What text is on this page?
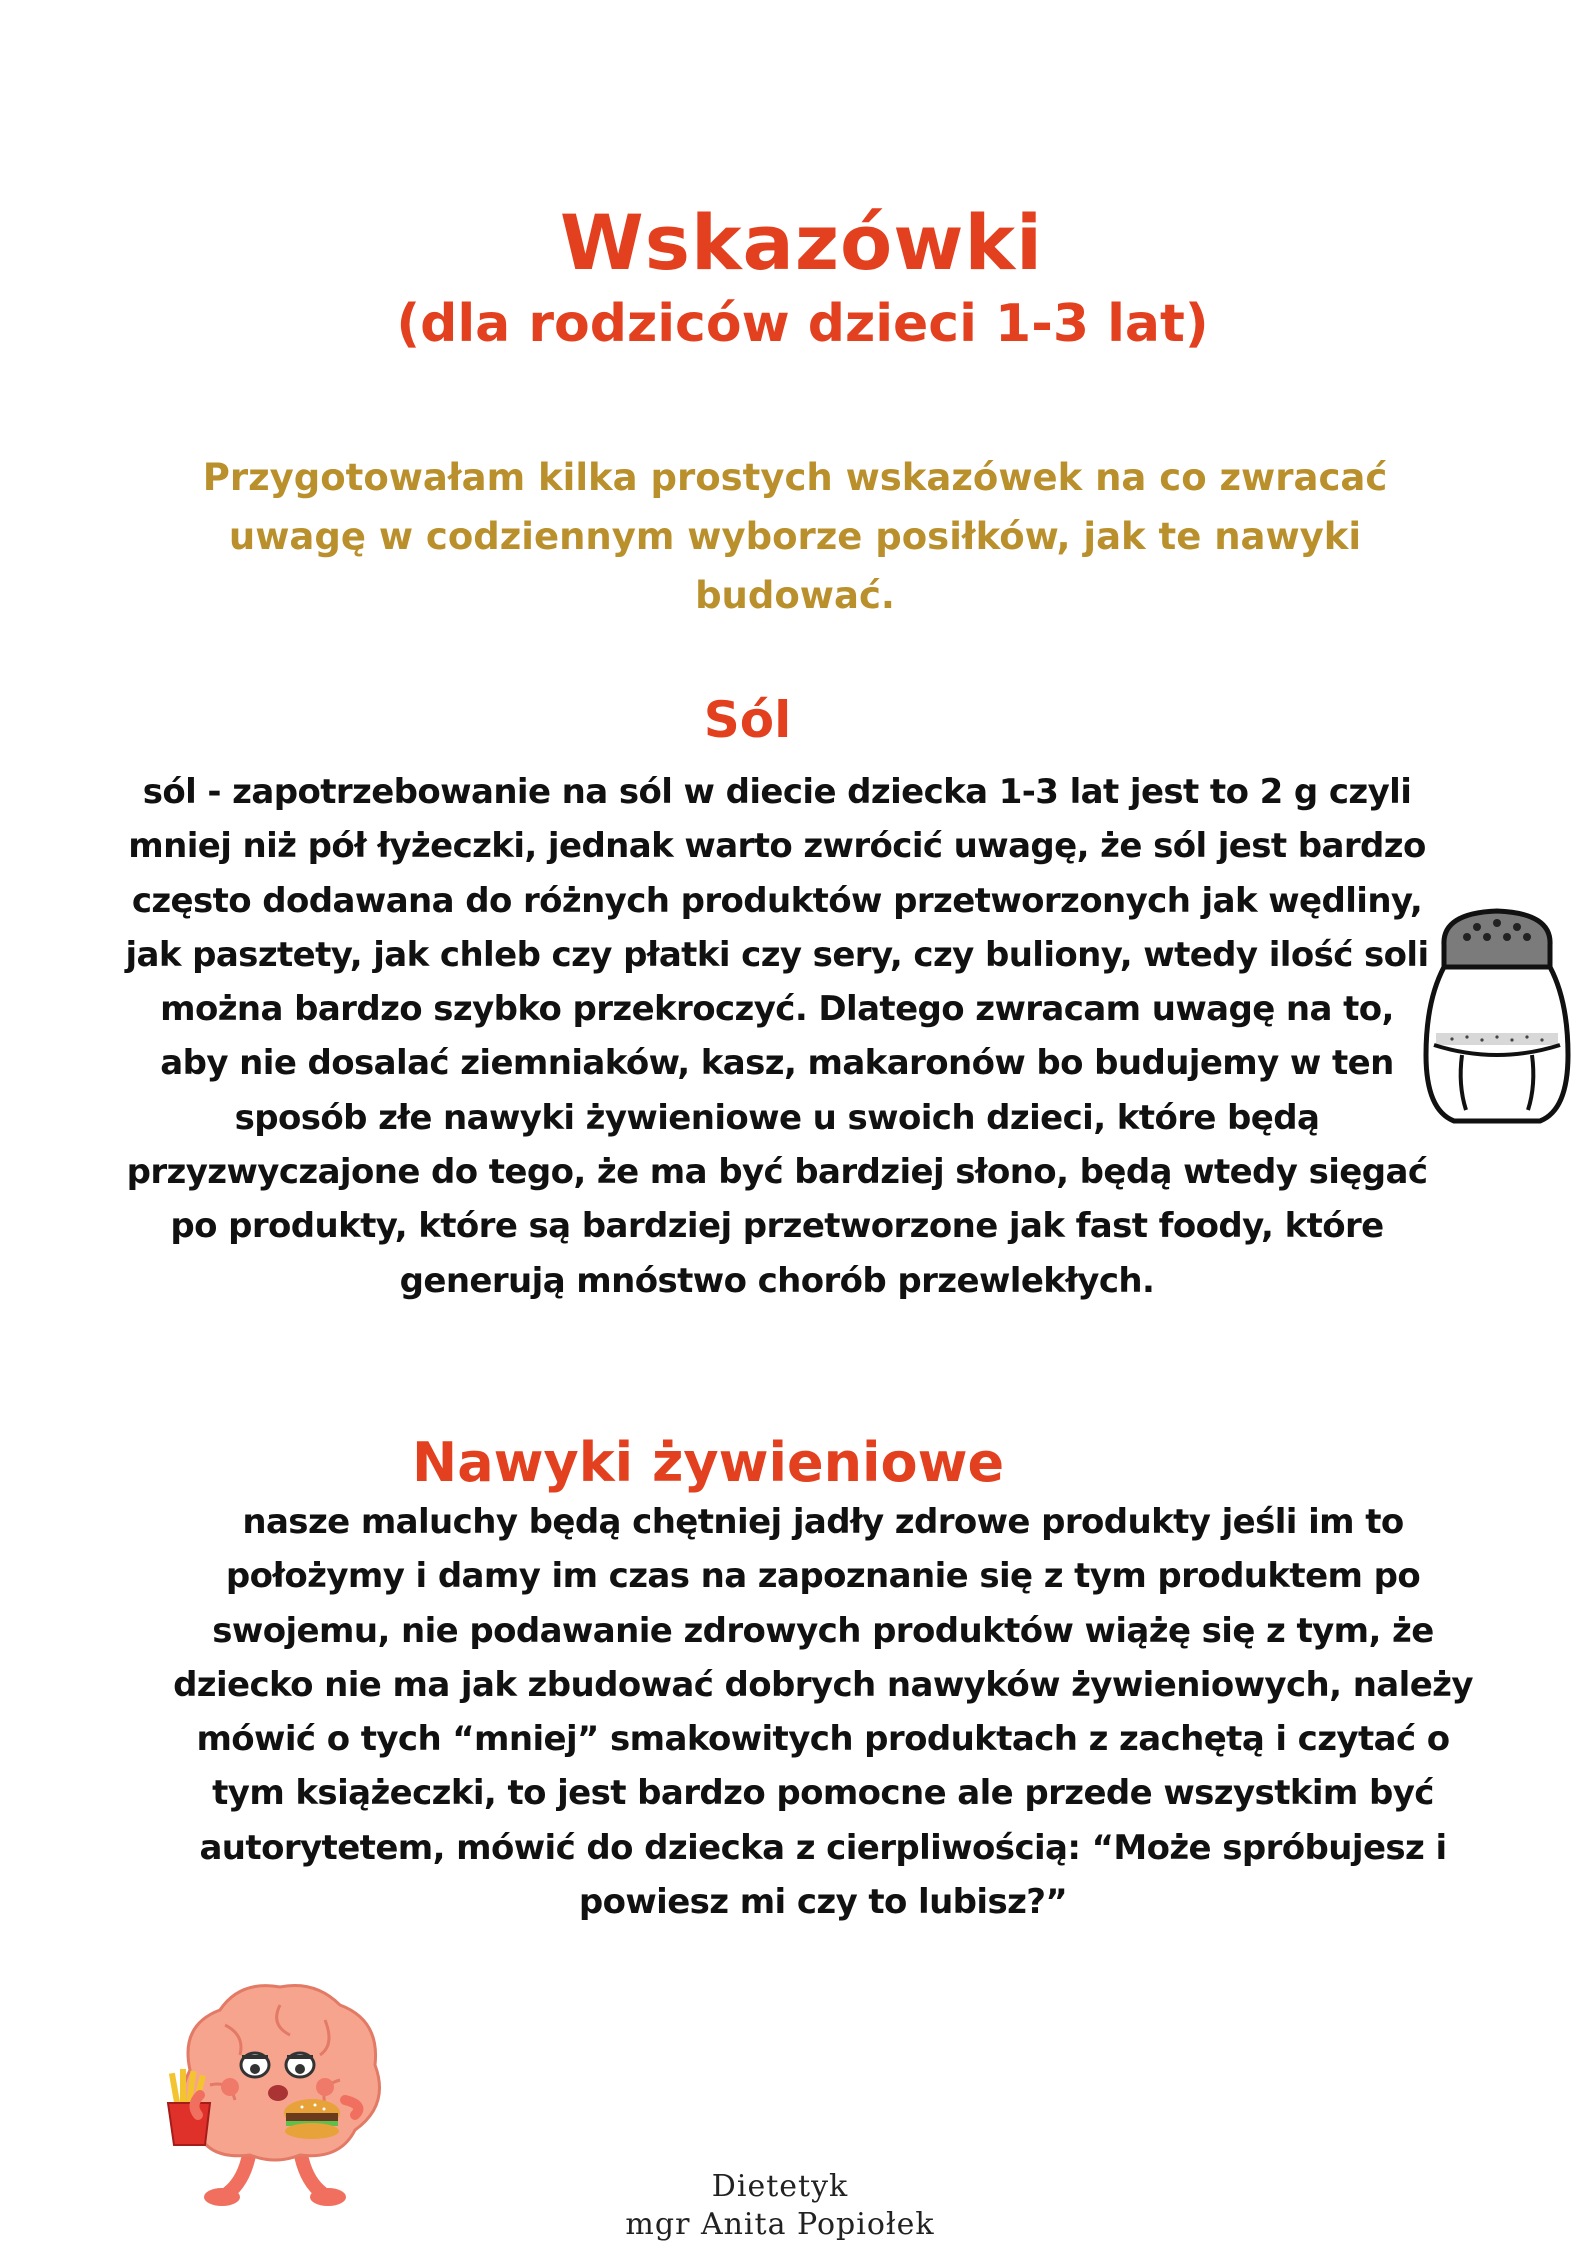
Wskazówki
(dla rodziców dzieci 1-3 lat)

Przygotowałam kilka prostych wskazówek na co zwracać uwagę w codziennym wyborze posiłków, jak te nawyki budować.

Sól

sól - zapotrzebowanie na sól w diecie dziecka 1-3 lat jest to 2 g czyli mniej niż pół łyżeczki, jednak warto zwrócić uwagę, że sól jest bardzo często dodawana do różnych produktów przetworzonych jak wędliny, jak pasztety, jak chleb czy płatki czy sery, czy buliony, wtedy ilość soli można bardzo szybko przekroczyć. Dlatego zwracam uwagę na to, aby nie dosalać ziemniaków, kasz, makaronów bo budujemy w ten sposób złe nawyki żywieniowe u swoich dzieci, które będą przyzwyczajone do tego, że ma być bardziej słono, będą wtedy sięgać po produkty, które są bardziej przetworzone jak fast foody, które generują mnóstwo chorób przewlekłych.

Nawyki żywieniowe

nasze maluchy będą chętniej jadły zdrowe produkty jeśli im to położymy i damy im czas na zapoznanie się z tym produktem po swojemu, nie podawanie zdrowych produktów wiążę się z tym, że dziecko nie ma jak zbudować dobrych nawyków żywieniowych, należy mówić o tych “mniej” smakowitych produktach z zachętą i czytać o tym książeczki, to jest bardzo pomocne ale przede wszystkim być autorytetem, mówić do dziecka z cierpliwością: “Może spróbujesz i powiesz mi czy to lubisz?”

Dietetyk
mgr Anita Popiołek
